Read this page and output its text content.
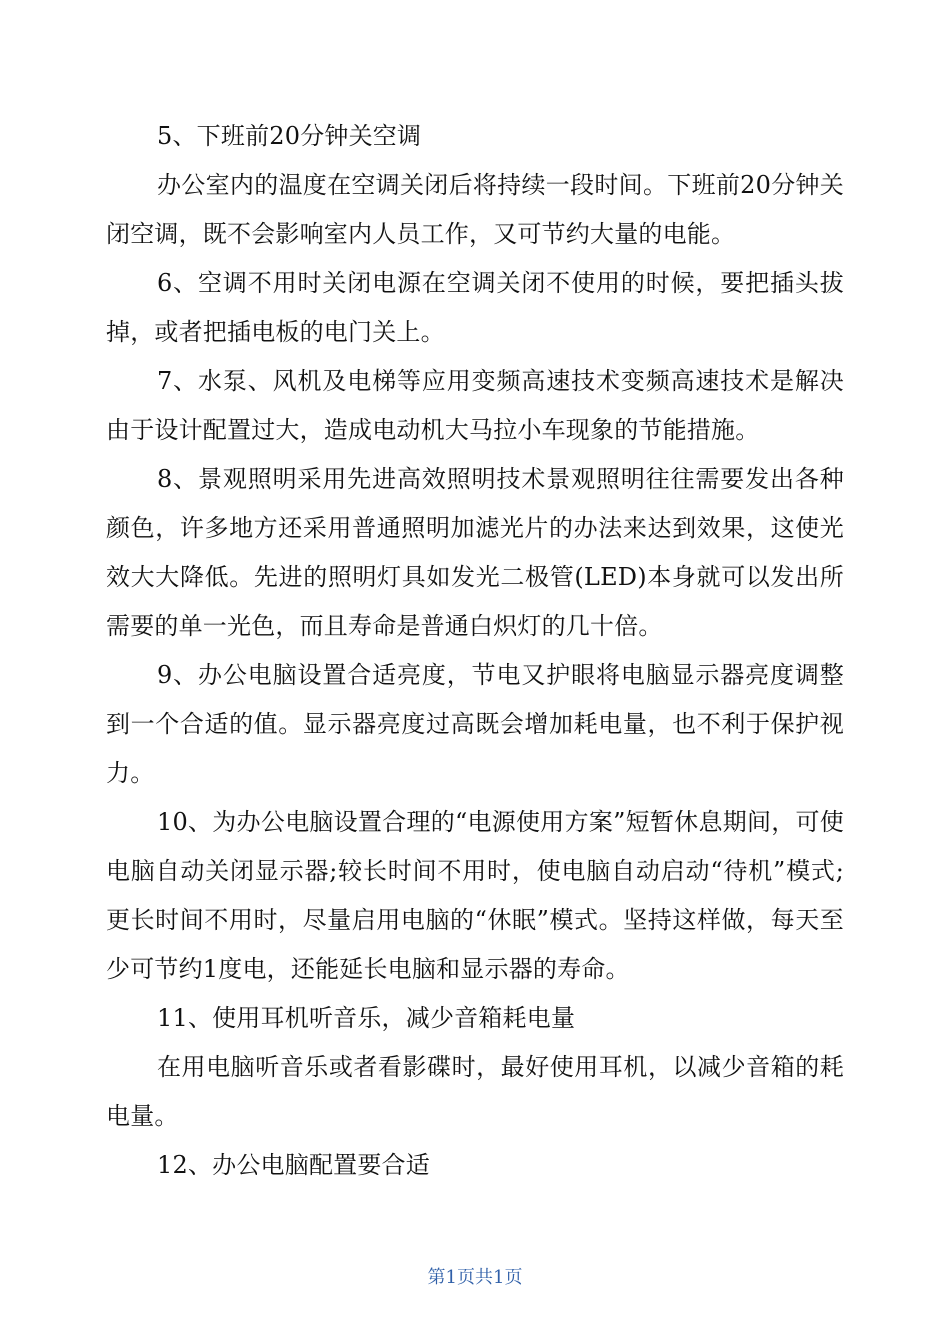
5、下班前20分钟关空调

办公室内的温度在空调关闭后将持续一段时间。下班前20分钟关闭空调，既不会影响室内人员工作，又可节约大量的电能。

6、空调不用时关闭电源在空调关闭不使用的时候，要把插头拔掉，或者把插电板的电门关上。

7、水泵、风机及电梯等应用变频高速技术变频高速技术是解决由于设计配置过大，造成电动机大马拉小车现象的节能措施。

8、景观照明采用先进高效照明技术景观照明往往需要发出各种颜色，许多地方还采用普通照明加滤光片的办法来达到效果，这使光效大大降低。先进的照明灯具如发光二极管(LED)本身就可以发出所需要的单一光色，而且寿命是普通白炽灯的几十倍。

9、办公电脑设置合适亮度，节电又护眼将电脑显示器亮度调整到一个合适的值。显示器亮度过高既会增加耗电量，也不利于保护视力。

10、为办公电脑设置合理的“电源使用方案”短暂休息期间，可使电脑自动关闭显示器;较长时间不用时，使电脑自动启动“待机”模式;更长时间不用时，尽量启用电脑的“休眠”模式。坚持这样做，每天至少可节约1度电，还能延长电脑和显示器的寿命。

11、使用耳机听音乐，减少音箱耗电量

在用电脑听音乐或者看影碟时，最好使用耳机，以减少音箱的耗电量。

12、办公电脑配置要合适

第1页共1页
